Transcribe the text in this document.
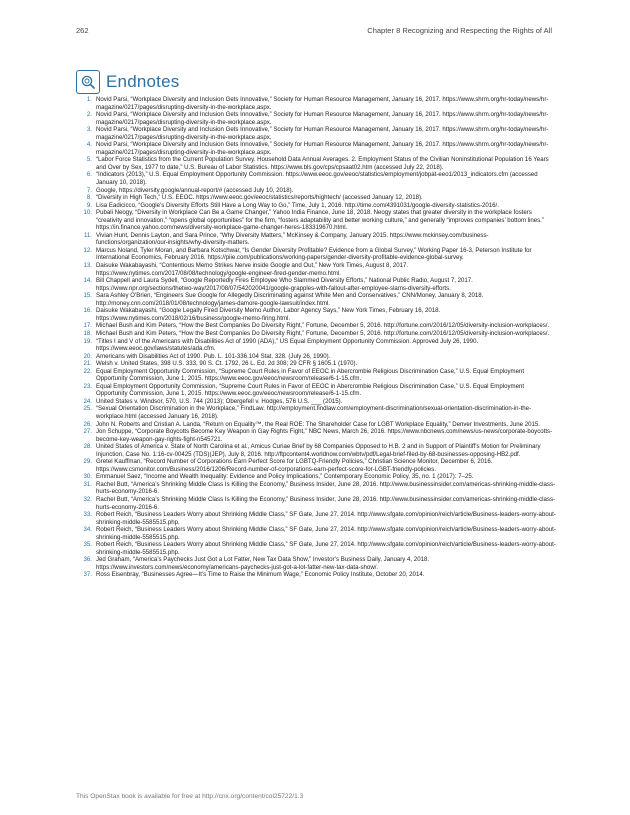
262	Chapter 8 Recognizing and Respecting the Rights of All
Endnotes
1. Novid Parsi, “Workplace Diversity and Inclusion Gets Innovative,” Society for Human Resource Management, January 16, 2017. https://www.shrm.org/hr-today/news/hr-magazine/0217/pages/disrupting-diversity-in-the-workplace.aspx.
2. Novid Parsi, “Workplace Diversity and Inclusion Gets Innovative,” Society for Human Resource Management, January 16, 2017. https://www.shrm.org/hr-today/news/hr-magazine/0217/pages/disrupting-diversity-in-the-workplace.aspx.
3. Novid Parsi, “Workplace Diversity and Inclusion Gets Innovative,” Society for Human Resource Management, January 16, 2017. https://www.shrm.org/hr-today/news/hr-magazine/0217/pages/disrupting-diversity-in-the-workplace.aspx.
4. Novid Parsi, “Workplace Diversity and Inclusion Gets Innovative,” Society for Human Resource Management, January 16, 2017. https://www.shrm.org/hr-today/news/hr-magazine/0217/pages/disrupting-diversity-in-the-workplace.aspx.
5. “Labor Force Statistics from the Current Population Survey. Household Data Annual Averages. 2. Employment Status of the Civilian Noninstitutional Population 16 Years and Over by Sex, 1977 to date,” U.S. Bureau of Labor Statistics. https://www.bls.gov/cps/cpsaat02.htm (accessed July 22, 2018).
6. “Indicators (2013),” U.S. Equal Employment Opportunity Commission. https://www.eeoc.gov/eeoc/statistics/employment/jobpat-eeo1/2013_indicators.cfm (accessed January 10, 2018).
7. Google, https://diversity.google/annual-report/# (accessed July 10, 2018).
8. “Diversity in High Tech,” U.S. EEOC. https://www.eeoc.gov/eeoc/statistics/reports/hightech/ (accessed January 12, 2018).
9. Lisa Eadicicco, “Google’s Diversity Efforts Still Have a Long Way to Go,” Time, July 1, 2016. http://time.com/4391031/google-diversity-statistics-2016/.
10. Pubali Neogy, “Diversity in Workplace Can Be a Game Changer,” Yahoo India Finance, June 18, 2018. Neogy states that greater diversity in the workplace fosters “creativity and innovation,” “opens global opportunities” for the firm, “fosters adaptability and better working culture,” and generally “improves companies’ bottom lines.” https://in.finance.yahoo.com/news/diversity-workplace-game-changer-heres-183319670.html.
11. Vivian Hunt, Dennis Layton, and Sara Prince, “Why Diversity Matters,” McKinsey & Company, January 2015. https://www.mckinsey.com/business-functions/organization/our-insights/why-diversity-matters.
12. Marcus Noland, Tyler Moran, and Barbara Kotschwar, “Is Gender Diversity Profitable? Evidence from a Global Survey,” Working Paper 16-3, Peterson Institute for International Economics, February 2016. https://piie.com/publications/working-papers/gender-diversity-profitable-evidence-global-survey.
13. Daisuke Wakabayashi, “Contentious Memo Strikes Nerve inside Google and Out,” New York Times, August 8, 2017. https://www.nytimes.com/2017/08/08/technology/google-engineer-fired-gender-memo.html.
14. Bill Chappell and Laura Sydell, “Google Reportedly Fires Employee Who Slammed Diversity Efforts,” National Public Radio, August 7, 2017. https://www.npr.org/sections/thetwo-way/2017/08/07/542020041/google-grapples-with-fallout-after-employee-slams-diversity-efforts.
15. Sara Ashley O’Brien, “Engineers Sue Google for Allegedly Discriminating against White Men and Conservatives,” CNN/Money, January 8, 2018. http://money.cnn.com/2018/01/08/technology/james-damore-google-lawsuit/index.html.
16. Daisuke Wakabayashi, “Google Legally Fired Diversity Memo Author, Labor Agency Says,” New York Times, February 16, 2018. https://www.nytimes.com/2018/02/16/business/google-memo-firing.html.
17. Michael Bush and Kim Peters, “How the Best Companies Do Diversity Right,” Fortune, December 5, 2016. http://fortune.com/2016/12/05/diversity-inclusion-workplaces/.
18. Michael Bush and Kim Peters, “How the Best Companies Do Diversity Right,” Fortune, December 5, 2016. http://fortune.com/2016/12/05/diversity-inclusion-workplaces/.
19. “Titles I and V of the Americans with Disabilities Act of 1990 (ADA),” US Equal Employment Opportunity Commission. Approved July 26, 1990. https://www.eeoc.gov/laws/statutes/ada.cfm.
20. Americans with Disabilities Act of 1990. Pub. L. 101-336.104 Stat. 328. (July 26, 1990).
21. Welsh v. United States, 398 U.S. 333, 90 S. Ct. 1792, 26 L. Ed. 2d 308; 29 CFR § 1605.1 (1970).
22. Equal Employment Opportunity Commission, “Supreme Court Rules in Favor of EEOC in Abercrombie Religious Discrimination Case,” U.S. Equal Employment Opportunity Commission, June 1, 2015. https://www.eeoc.gov/eeoc/newsroom/release/6-1-15.cfm.
23. Equal Employment Opportunity Commission, “Supreme Court Rules in Favor of EEOC in Abercrombie Religious Discrimination Case,” U.S. Equal Employment Opportunity Commission, June 1, 2015. https://www.eeoc.gov/eeoc/newsroom/release/6-1-15.cfm.
24. United States v. Windsor, 570, U.S. 744 (2013); Obergefell v. Hodges, 576 U.S. ___ (2015).
25. “Sexual Orientation Discrimination in the Workplace,” FindLaw. http://employment.findlaw.com/employment-discrimination/sexual-orientation-discrimination-in-the-workplace.html (accessed January 16, 2018).
26. John N. Roberts and Cristian A. Landa, “Return on Equality™, the Real ROE: The Shareholder Case for LGBT Workplace Equality,” Denver Investments, June 2015.
27. Jon Schuppe, “Corporate Boycotts Become Key Weapon in Gay Rights Fight,” NBC News, March 26, 2016. https://www.nbcnews.com/news/us-news/corporate-boycotts-become-key-weapon-gay-rights-fight-n545721.
28. United States of America v. State of North Carolina et al., Amicus Curiae Brief by 68 Companies Opposed to H.B. 2 and in Support of Plaintiff’s Motion for Preliminary Injunction, Case No. 1:16-cv-00425 (TDS)(JEP), July 8, 2016. http://ftpcontent4.worldnow.com/wbtv/pdf/Legal-brief-filed-by-68-businesses-opposing-HB2.pdf.
29. Gretel Kauffman, “Record Number of Corporations Earn Perfect Score for LGBTQ-Friendly Policies,” Christian Science Monitor, December 6, 2016. https://www.csmonitor.com/Business/2016/1206/Record-number-of-corporations-earn-perfect-score-for-LGBT-friendly-policies.
30. Emmanuel Saez, “Income and Wealth Inequality: Evidence and Policy Implications,” Contemporary Economic Policy, 35, no. 1 (2017): 7–25.
31. Rachel Butt, “America’s Shrinking Middle Class Is Killing the Economy,” Business Insider, June 28, 2016. http://www.businessinsider.com/americas-shrinking-middle-class-hurts-economy-2016-6.
32. Rachel Butt, “America’s Shrinking Middle Class Is Killing the Economy,” Business Insider, June 28, 2016. http://www.businessinsider.com/americas-shrinking-middle-class-hurts-economy-2016-6.
33. Robert Reich, “Business Leaders Worry about Shrinking Middle Class,” SF Gate, June 27, 2014. http://www.sfgate.com/opinion/reich/article/Business-leaders-worry-about-shrinking-middle-5585515.php.
34. Robert Reich, “Business Leaders Worry about Shrinking Middle Class,” SF Gate, June 27, 2014. http://www.sfgate.com/opinion/reich/article/Business-leaders-worry-about-shrinking-middle-5585515.php.
35. Robert Reich, “Business Leaders Worry about Shrinking Middle Class,” SF Gate, June 27, 2014. http://www.sfgate.com/opinion/reich/article/Business-leaders-worry-about-shrinking-middle-5585515.php.
36. Jed Graham, “America’s Paychecks Just Got a Lot Fatter, New Tax Data Show,” Investor’s Business Daily, January 4, 2018. https://www.investors.com/news/economy/americans-paychecks-just-got-a-lot-fatter-new-tax-data-show/.
37. Ross Eisenbray, “Businesses Agree—It’s Time to Raise the Minimum Wage,” Economic Policy Institute, October 20, 2014.
This OpenStax book is available for free at http://cnx.org/content/col25722/1.3
